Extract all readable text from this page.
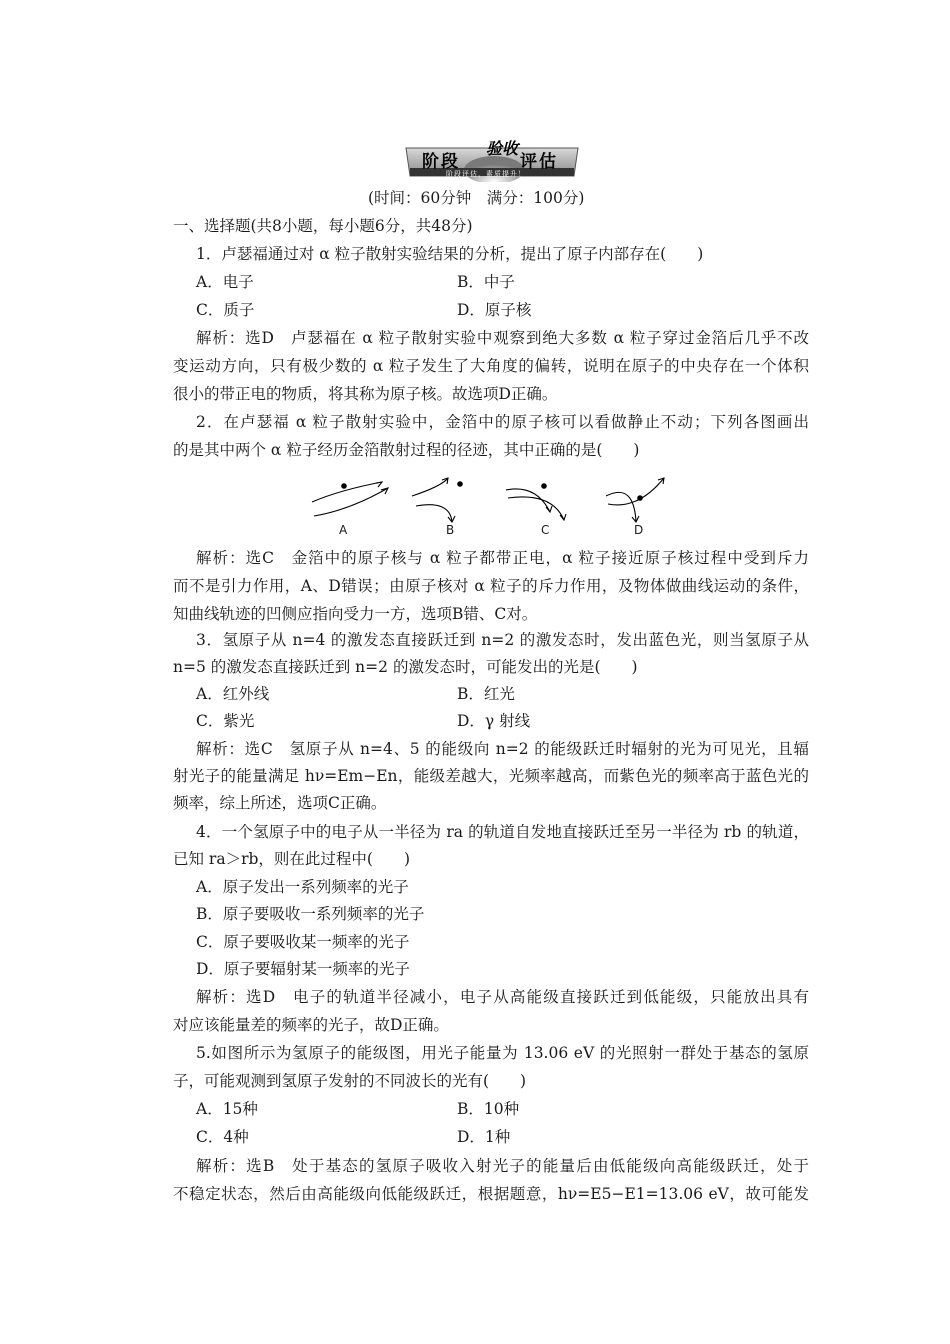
阶段
验收
评估
阶段评估，素质提升！
(时间：60分钟　满分：100分)
一、选择题(共8小题，每小题6分，共48分)
1．卢瑟福通过对 α 粒子散射实验结果的分析，提出了原子内部存在(　　)
A．电子	B．中子
C．质子	D．原子核
解析：选D　卢瑟福在 α 粒子散射实验中观察到绝大多数 α 粒子穿过金箔后几乎不改
变运动方向，只有极少数的 α 粒子发生了大角度的偏转，说明在原子的中央存在一个体积
很小的带正电的物质，将其称为原子核。故选项D正确。
2．在卢瑟福 α 粒子散射实验中，金箔中的原子核可以看做静止不动；下列各图画出
的是其中两个 α 粒子经历金箔散射过程的径迹，其中正确的是(　　)
A	B	C	D
解析：选C　金箔中的原子核与 α 粒子都带正电，α 粒子接近原子核过程中受到斥力
而不是引力作用，A、D错误；由原子核对 α 粒子的斥力作用，及物体做曲线运动的条件，
知曲线轨迹的凹侧应指向受力一方，选项B错、C对。
3．氢原子从 n=4 的激发态直接跃迁到 n=2 的激发态时，发出蓝色光，则当氢原子从
n=5 的激发态直接跃迁到 n=2 的激发态时，可能发出的光是(　　)
A．红外线	B．红光
C．紫光	D．γ 射线
解析：选C　氢原子从 n=4、5 的能级向 n=2 的能级跃迁时辐射的光为可见光，且辐
射光子的能量满足 hν=Em−En，能级差越大，光频率越高，而紫色光的频率高于蓝色光的
频率，综上所述，选项C正确。
4．一个氢原子中的电子从一半径为 ra 的轨道自发地直接跃迁至另一半径为 rb 的轨道，
已知 ra＞rb，则在此过程中(　　)
A．原子发出一系列频率的光子
B．原子要吸收一系列频率的光子
C．原子要吸收某一频率的光子
D．原子要辐射某一频率的光子
解析：选D　电子的轨道半径减小，电子从高能级直接跃迁到低能级，只能放出具有
对应该能量差的频率的光子，故D正确。
5.如图所示为氢原子的能级图，用光子能量为 13.06 eV 的光照射一群处于基态的氢原
子，可能观测到氢原子发射的不同波长的光有(　　)
A．15种	B．10种
C．4种	D．1种
解析：选B　处于基态的氢原子吸收入射光子的能量后由低能级向高能级跃迁，处于
不稳定状态，然后由高能级向低能级跃迁，根据题意，hν=E5−E1=13.06 eV，故可能发
